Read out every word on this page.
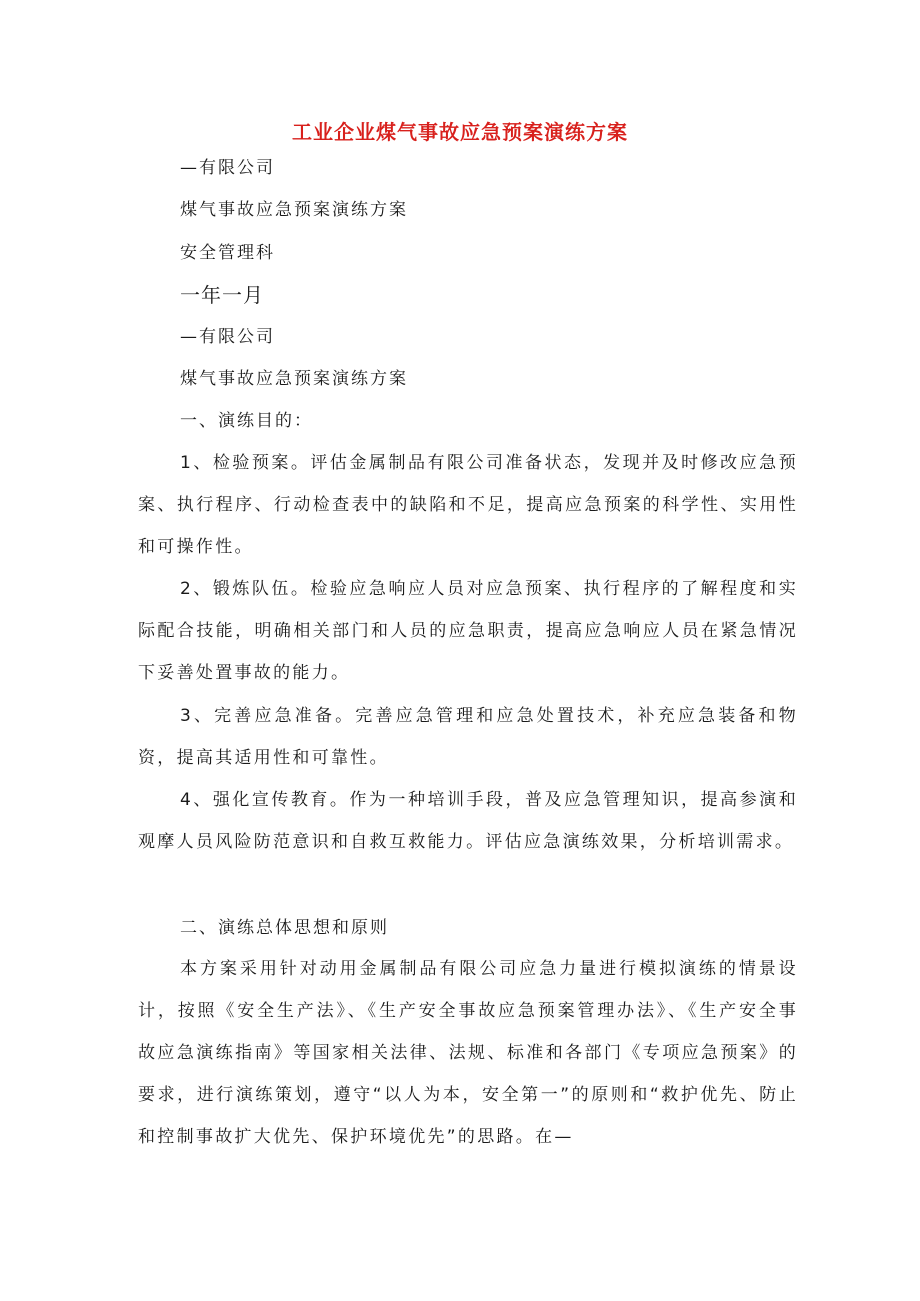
工业企业煤气事故应急预案演练方案

—有限公司

煤气事故应急预案演练方案

安全管理科

一年一月

—有限公司

煤气事故应急预案演练方案

一、演练目的：

1、检验预案。评估金属制品有限公司准备状态，发现并及时修改应急预案、执行程序、行动检查表中的缺陷和不足，提高应急预案的科学性、实用性和可操作性。

2、锻炼队伍。检验应急响应人员对应急预案、执行程序的了解程度和实际配合技能，明确相关部门和人员的应急职责，提高应急响应人员在紧急情况下妥善处置事故的能力。

3、完善应急准备。完善应急管理和应急处置技术，补充应急装备和物资，提高其适用性和可靠性。

4、强化宣传教育。作为一种培训手段，普及应急管理知识，提高参演和观摩人员风险防范意识和自救互救能力。评估应急演练效果，分析培训需求。

二、演练总体思想和原则

本方案采用针对动用金属制品有限公司应急力量进行模拟演练的情景设计，按照《安全生产法》、《生产安全事故应急预案管理办法》、《生产安全事故应急演练指南》等国家相关法律、法规、标准和各部门《专项应急预案》的要求，进行演练策划，遵守“以人为本，安全第一”的原则和“救护优先、防止和控制事故扩大优先、保护环境优先”的思路。在—
